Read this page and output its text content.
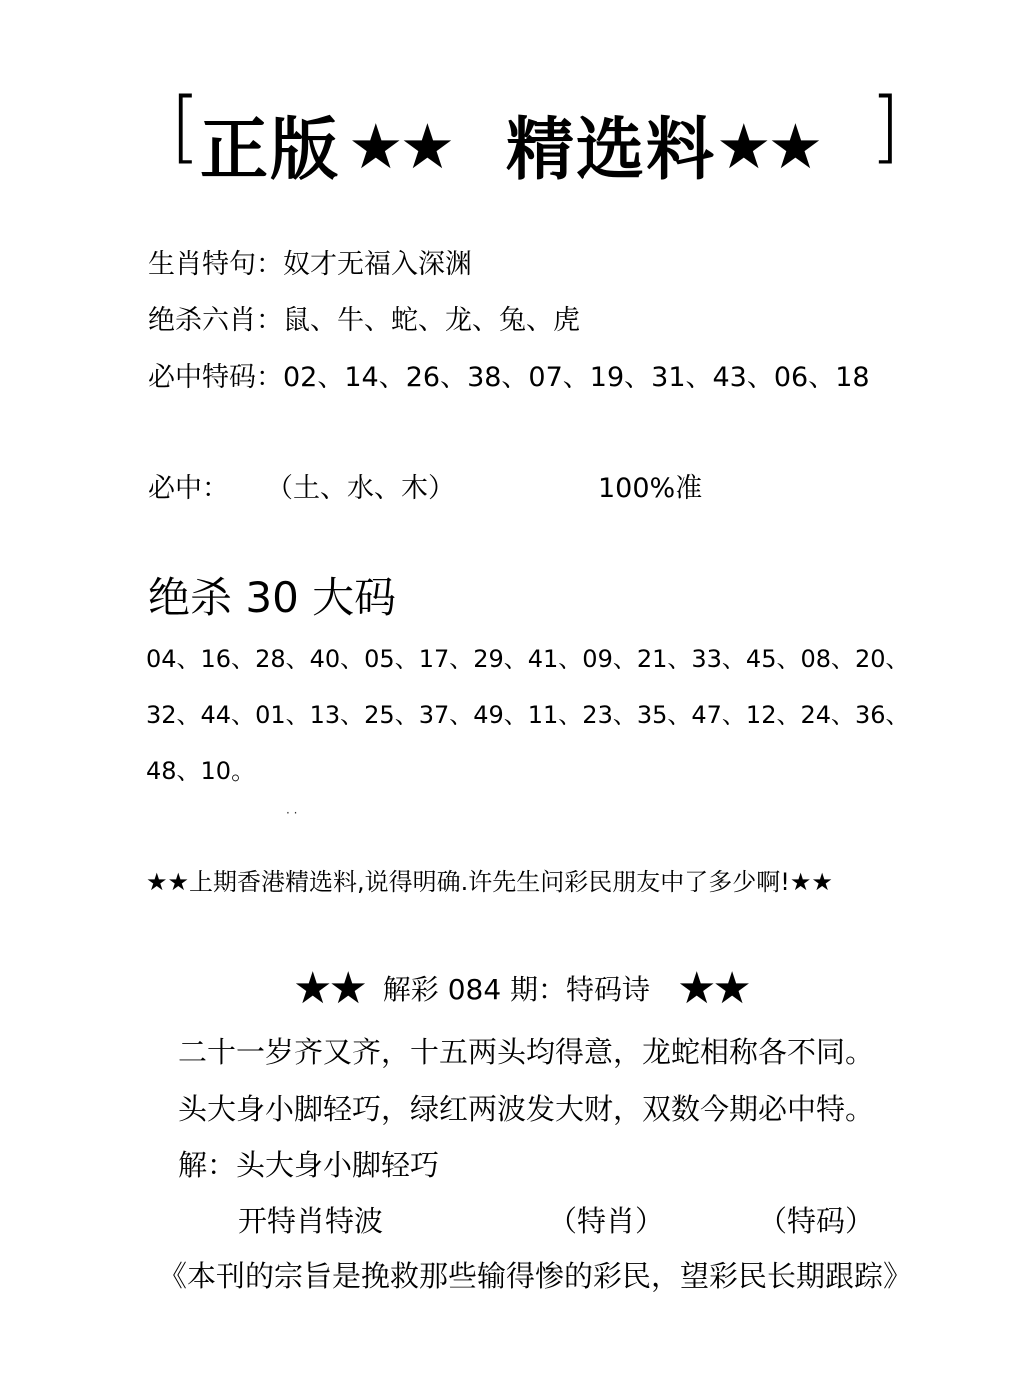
[ 正版 ★★ 精选料 ★★ ]
生肖特句：奴才无福入深渊
绝杀六肖：鼠、牛、蛇、龙、兔、虎
必中特码：02、14、26、38、07、19、31、43、06、18
必中： （土、水、木）	100%准
绝杀 30 大码
04、16、28、40、05、17、29、41、09、21、33、45、08、20、
32、44、01、13、25、37、49、11、23、35、47、12、24、36、
48、10。
· ·
★★上期香港精选料,说得明确.许先生问彩民朋友中了多少啊!★★
★★ 解彩 084 期：特码诗 ★★
二十一岁齐又齐，十五两头均得意，龙蛇相称各不同。
头大身小脚轻巧，绿红两波发大财，双数今期必中特。
解：头大身小脚轻巧
开特肖特波	（特肖）	（特码）
《本刊的宗旨是挽救那些输得惨的彩民，望彩民长期跟踪》
